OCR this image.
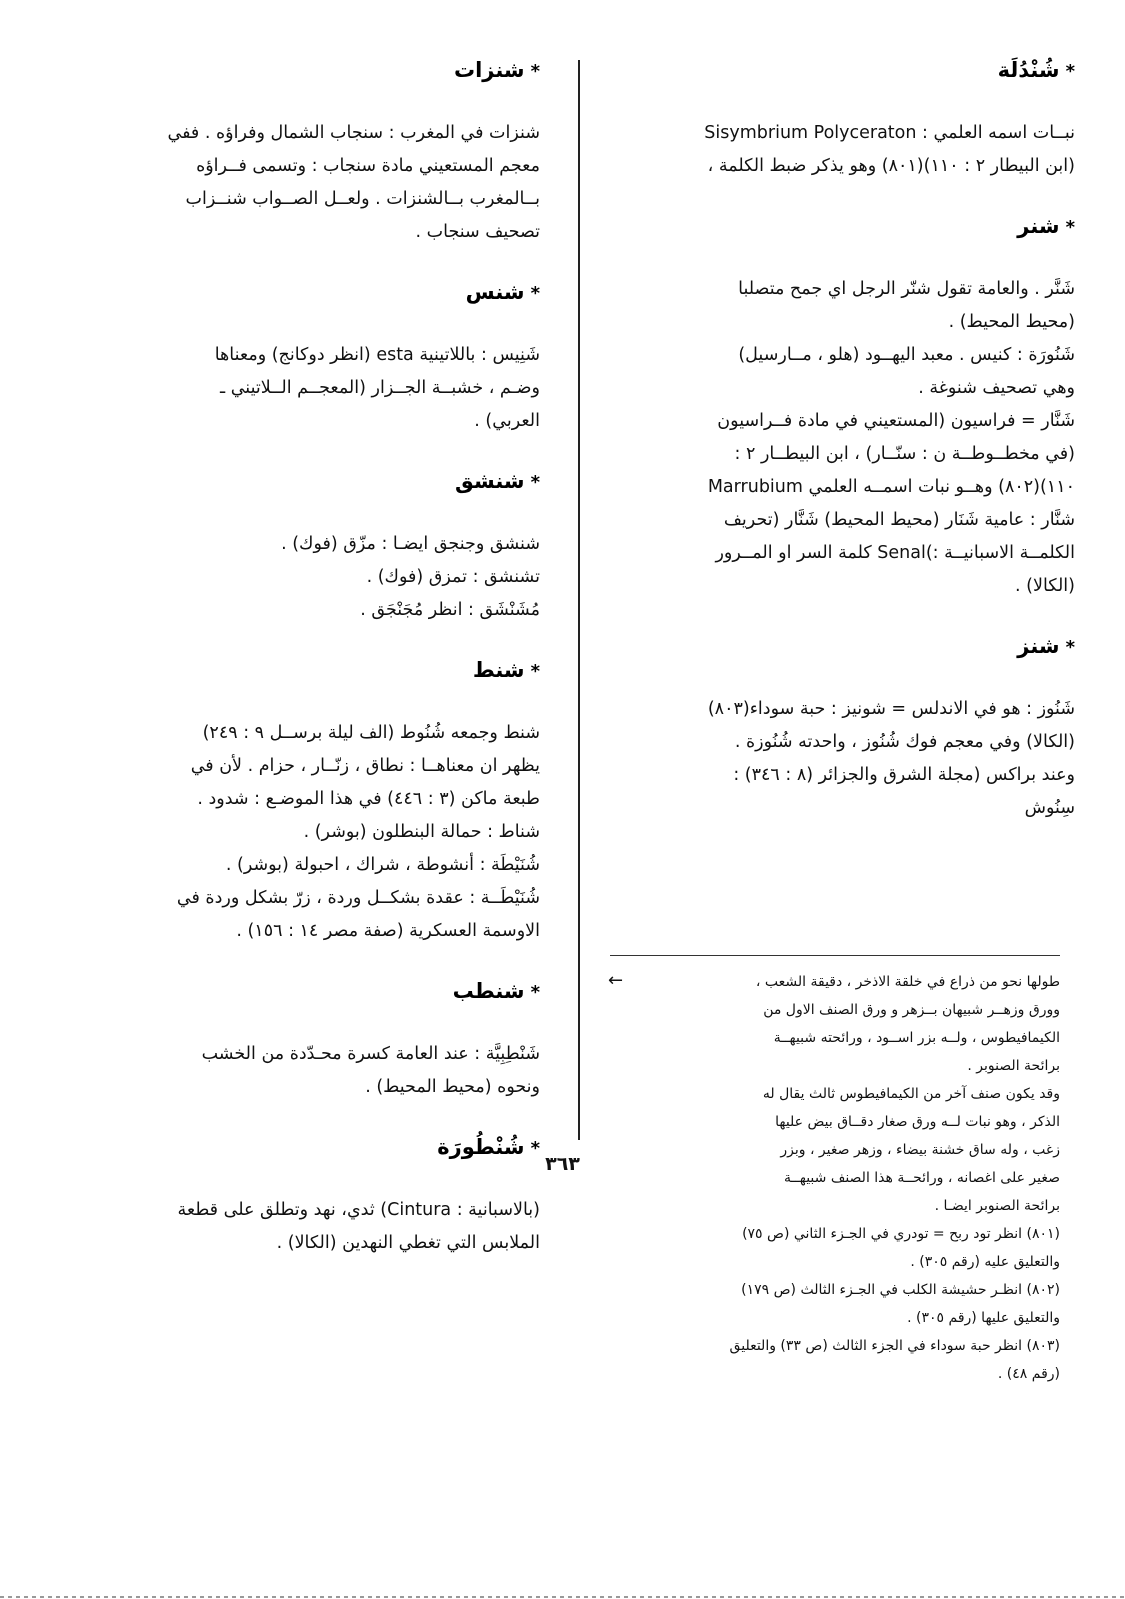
*شُنْدُلَة

نبــات اسمه العلمي : Sisymbrium Polyceraton

(ابن البيطار ٢ : ١١٠)(٨٠١) وهو يذكر ضبط الكلمة ،

*شنر

شَنَّر . والعامة تقول شنّر الرجل اي جمح متصلبا

(محيط المحيط) .

شَنُورَة : كنيس . معبد اليهــود (هلو ، مــارسيل)

وهي تصحيف شنوغة .

شَنَّار = فراسيون (المستعيني في مادة فــراسيون

(في مخطــوطــة ن : سنّــار) ، ابن البيطــار ٢ :

١١٠)(٨٠٢) وهــو نبات اسمــه العلمي Marrubium

شنَّار : عامية شَنَار (محيط المحيط) شَنَّار (تحريف

الكلمــة الاسبانيــة :)Senal كلمة السر او المــرور

(الكالا) .

*شنز

شَنُوز : هو في الاندلس = شونيز : حبة سوداء(٨٠٣)

(الكالا) وفي معجم فوك شُنُوز ، واحدته شُنُوزة .

وعند براكس (مجلة الشرق والجزائر (٨ : ٣٤٦) :

سِنُوش

*شنزات

شنزات في المغرب : سنجاب الشمال وفراؤه . ففي

معجم المستعيني مادة سنجاب : وتسمى فــراؤه

بــالمغرب بــالشنزات . ولعــل الصــواب شنــزاب

تصحيف سنجاب .

*شنس

شَنِيس : باللاتينية esta (انظر دوكانج) ومعناها

وضـم ، خشبــة الجــزار (المعجــم الــلاتيني ـ

العربي) .

*شنشق

شنشق وجنجق ايضـا : مزّق (فوك) .

تشنشق : تمزق (فوك) .

مُشَنْشَق : انظر مُجَنْجَق .

*شنط

شنط وجمعه شُنُوط (الف ليلة برســل ٩ : ٢٤٩)

يظهر ان معناهــا : نطاق ، زنّــار ، حزام . لأن في

طبعة ماكن (٣ : ٤٤٦) في هذا الموضـع : شدود .

شناط : حمالة البنطلون (بوشر) .

شُنَيْطَة : أنشوطة ، شراك ، احبولة (بوشر) .

شُنَيْطَــة : عقدة بشكــل وردة ، زرّ بشكل وردة في

الاوسمة العسكرية (صفة مصر ١٤ : ١٥٦) .

*شنطب

شَنْطِبِيَّة : عند العامة كسرة محـدّدة من الخشب

ونحوه (محيط المحيط) .

*شُنْطُورَة

(بالاسبانية : Cintura) ثدي، نهد وتطلق على قطعة

الملابس التي تغطي النهدين (الكالا) .

←	طولها نحو من ذراع في خلقة الاذخر ، دقيقة الشعب ،

وورق وزهــر شبيهان بــزهر و ورق الصنف الاول من

الكيمافيطوس ، ولــه بزر اســود ، ورائحته شبيهــة

برائحة الصنوبر .

وقد يكون صنف آخر من الكيمافيطوس ثالث يقال له

الذكر ، وهو نبات لــه ورق صغار دقــاق بيض عليها

زغب ، وله ساق خشنة بيضاء ، وزهر صغير ، وبزر

صغير على اغصانه ، ورائحــة هذا الصنف شبيهــة

برائحة الصنوبر ايضـا .

(٨٠١) انظر تود ربح = تودري في الجـزء الثاني (ص ٧٥)

والتعليق عليه (رقم ٣٠٥) .

(٨٠٢) انظـر حشيشة الكلب في الجـزء الثالث (ص ١٧٩)

والتعليق عليها (رقم ٣٠٥) .

(٨٠٣) انظر حبة سوداء في الجزء الثالث (ص ٣٣) والتعليق

(رقم ٤٨) .

٣٦٣
